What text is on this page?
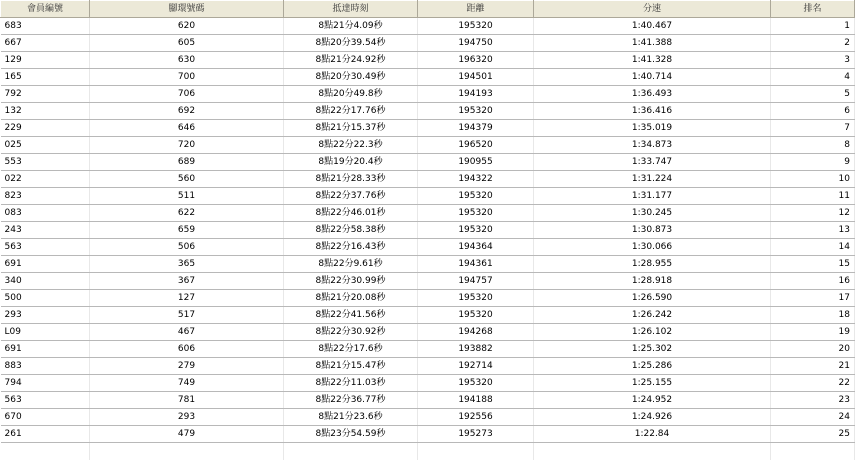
會員編號	腳環號碼	抵達時刻	距離	分速	排名
683	620	8點21分4.09秒	195320	1:40.467	1
667	605	8點20分39.54秒	194750	1:41.388	2
129	630	8點21分24.92秒	196320	1:41.328	3
165	700	8點20分30.49秒	194501	1:40.714	4
792	706	8點20分49.8秒	194193	1:36.493	5
132	692	8點22分17.76秒	195320	1:36.416	6
229	646	8點21分15.37秒	194379	1:35.019	7
025	720	8點22分22.3秒	196520	1:34.873	8
553	689	8點19分20.4秒	190955	1:33.747	9
022	560	8點21分28.33秒	194322	1:31.224	10
823	511	8點22分37.76秒	195320	1:31.177	11
083	622	8點22分46.01秒	195320	1:30.245	12
243	659	8點22分58.38秒	195320	1:30.873	13
563	506	8點22分16.43秒	194364	1:30.066	14
691	365	8點22分9.61秒	194361	1:28.955	15
340	367	8點22分30.99秒	194757	1:28.918	16
500	127	8點21分20.08秒	195320	1:26.590	17
293	517	8點22分41.56秒	195320	1:26.242	18
L09	467	8點22分30.92秒	194268	1:26.102	19
691	606	8點22分17.6秒	193882	1:25.302	20
883	279	8點21分15.47秒	192714	1:25.286	21
794	749	8點22分11.03秒	195320	1:25.155	22
563	781	8點22分36.77秒	194188	1:24.952	23
670	293	8點21分23.6秒	192556	1:24.926	24
261	479	8點23分54.59秒	195273	1:22.84	25
